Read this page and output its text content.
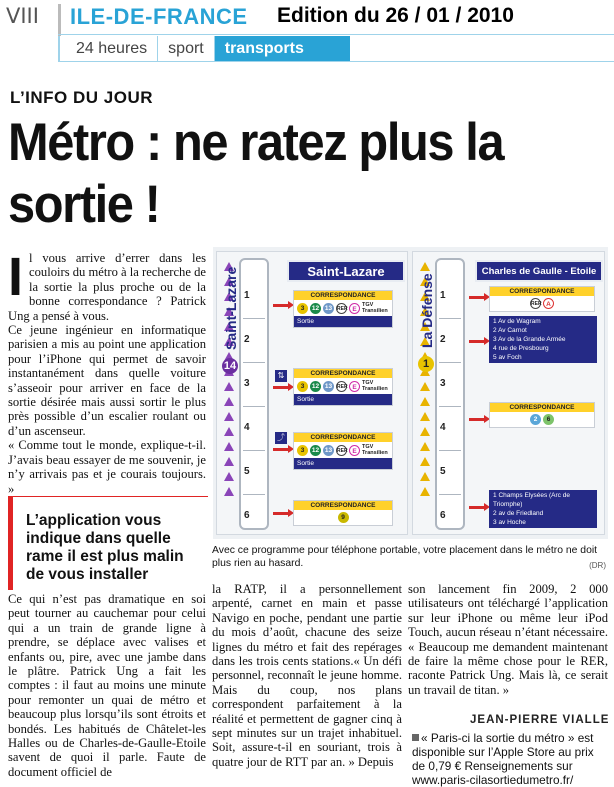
VIII ILE-DE-FRANCE Edition du 26 / 01 / 2010
24 heures	sport	transports
L’INFO DU JOUR
Métro : ne ratez plus la sortie !
I l vous arrive d’errer dans les couloirs du métro à la recherche de la sortie la plus proche ou de la bonne correspondance ? Patrick Ung a pensé à vous.

Ce jeune ingénieur en informatique parisien a mis au point une application pour l’iPhone qui permet de savoir instantanément dans quelle voiture s’asseoir pour arriver en face de la sortie désirée mais aussi sortir le plus près possible d’un escalier roulant ou d’un ascenseur.

« Comme tout le monde, explique-t-il. J’avais beau essayer de me souvenir, je n’y arrivais pas et je courais toujours. »

L’application vous indique dans quelle rame il est plus malin de vous installer
Ce qui n’est pas dramatique en soi peut tourner au cauchemar pour celui qui a un train de grande ligne à prendre, se déplace avec valises et enfants ou, pire, avec une jambe dans le plâtre. Patrick Ung a fait les comptes : il faut au moins une minute pour remonter un quai de métro et beaucoup plus lorsqu’ils sont étroits et bondés. Les habitués de Châtelet-les Halles ou de Charles-de-Gaulle-Etoile savent de quoi il parle. Faute de document officiel de
la RATP, il a personnellement arpenté, carnet en main et passe Navigo en poche, pendant une partie du mois d’août, chacune des seize lignes du métro et fait des repérages dans les trois cents stations.« Un défi personnel, reconnaît le jeune homme. Mais du coup, nos plans correspondent parfaitement à la réalité et permettent de gagner cinq à sept minutes sur un trajet inhabituel. Soit, assure-t-il en souriant, trois à quatre jour de RTT par an. » Depuis
son lancement fin 2009, 2 000 utilisateurs ont téléchargé l’application sur leur iPhone ou même leur iPod Touch, aucun réseau n’étant nécessaire. « Beaucoup me demandent maintenant de faire la même chose pour le RER, raconte Patrick Ung. Mais là, ce serait un travail de titan. »
JEAN-PIERRE VIALLE
« Paris-ci la sortie du métro » est disponible sur l’Apple Store au prix de 0,79 € Renseignements sur www.paris-cilasortiedumetro.fr/
14
Saint-Lazare 1
2
3
4
5
6
Saint-Lazare
CORRESPONDANCE
3	12 13 RER E
TGV Transilien
Sortie
⇅	CORRESPONDANCE
3	12 13 RER E
TGV Transilien
Sortie
⤴	CORRESPONDANCE
3	12 13 RER E
TGV Transilien
Sortie
CORRESPONDANCE
9
1
La Défense 1
2
3
4
5
6
Charles de Gaulle - Etoile
CORRESPONDANCE
RER A
1 Av de Wagram
2 Av Carnot
3 Av de la Grande Armée
4 rue de Presbourg
5 av Foch
CORRESPONDANCE
2	6
1 Champs Elysées (Arc de Triomphe)
2 av de Friedland
3 av Hoche
Avec ce programme pour téléphone portable, votre placement dans le métro ne doit plus rien au hasard.	(DR)
